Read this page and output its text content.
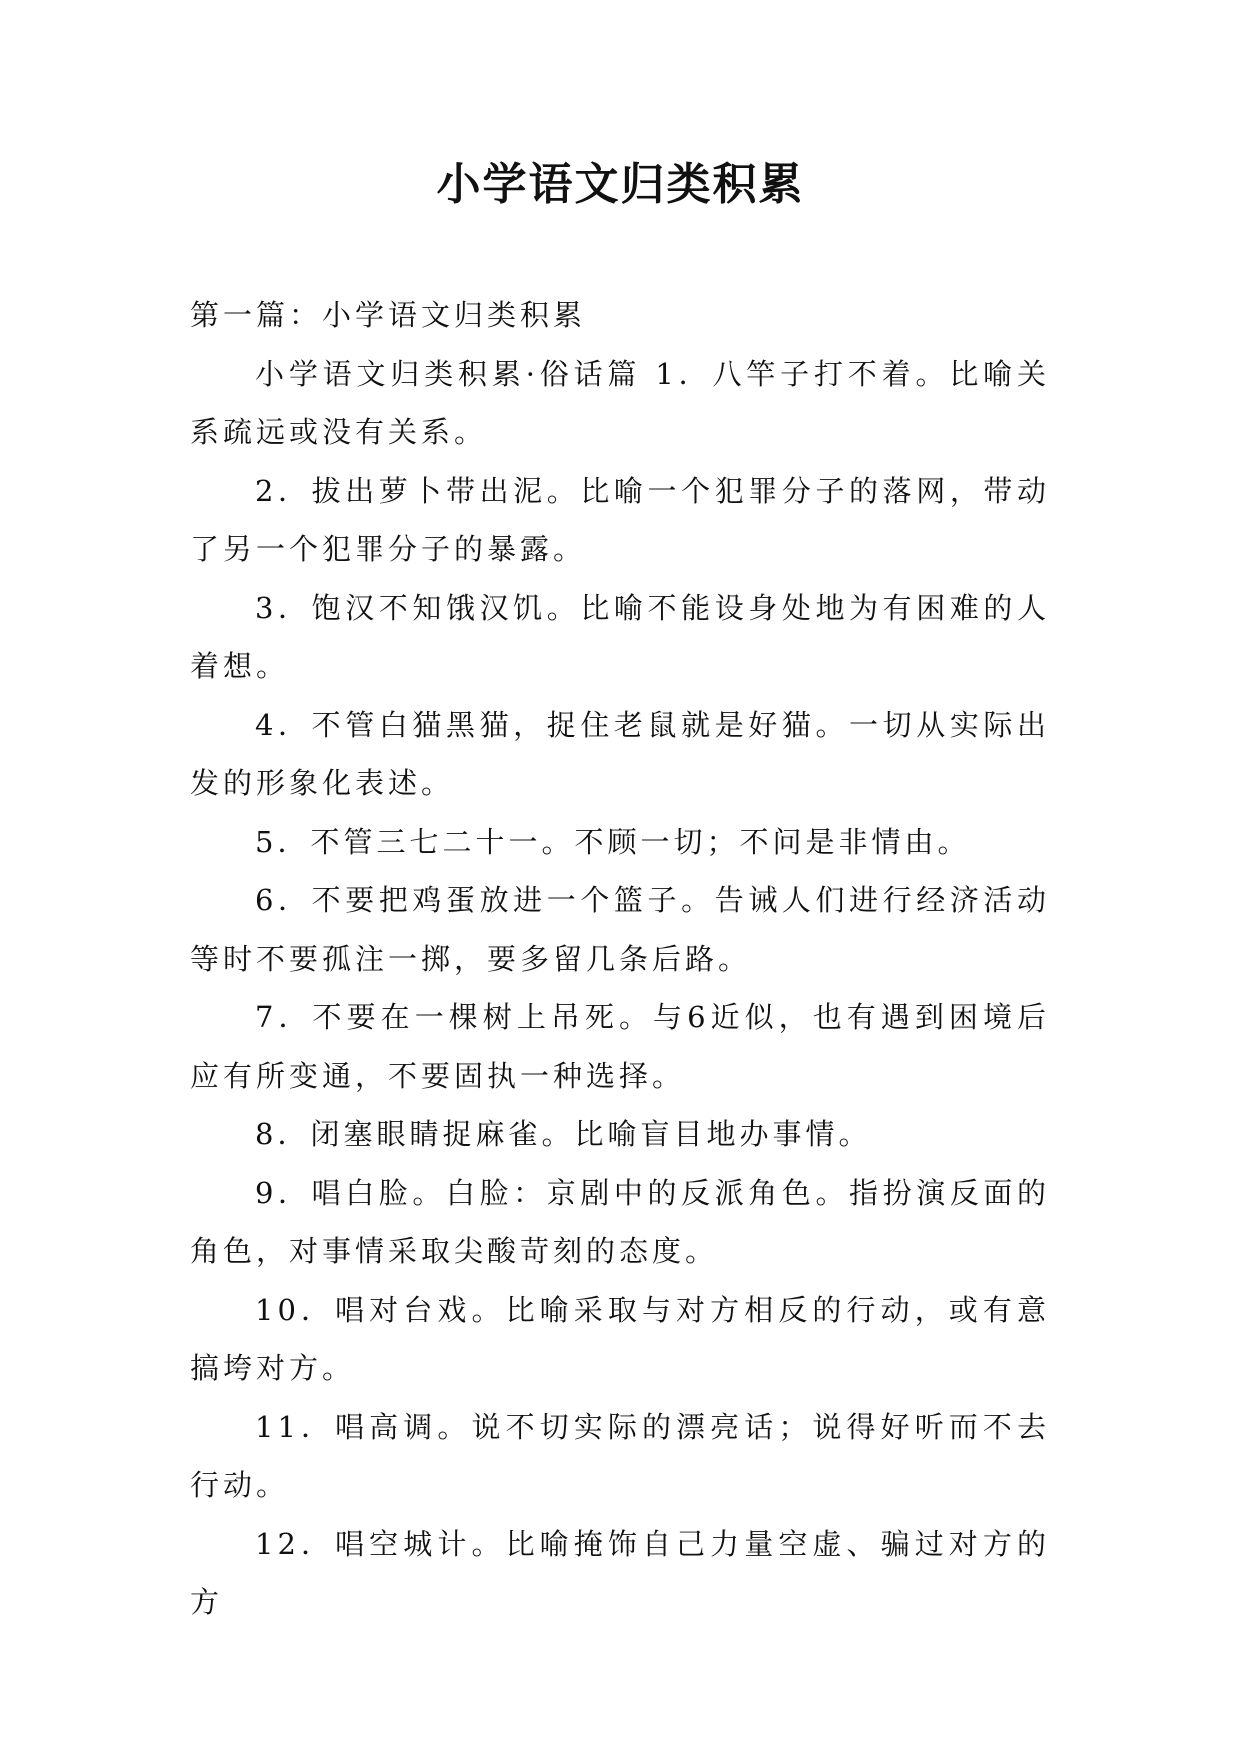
小学语文归类积累

第一篇：小学语文归类积累

小学语文归类积累·俗话篇 1．八竿子打不着。比喻关系疏远或没有关系。

2．拔出萝卜带出泥。比喻一个犯罪分子的落网，带动了另一个犯罪分子的暴露。

3．饱汉不知饿汉饥。比喻不能设身处地为有困难的人着想。

4．不管白猫黑猫，捉住老鼠就是好猫。一切从实际出发的形象化表述。

5．不管三七二十一。不顾一切；不问是非情由。

6．不要把鸡蛋放进一个篮子。告诫人们进行经济活动等时不要孤注一掷，要多留几条后路。

7．不要在一棵树上吊死。与6近似，也有遇到困境后应有所变通，不要固执一种选择。

8．闭塞眼睛捉麻雀。比喻盲目地办事情。

9．唱白脸。白脸：京剧中的反派角色。指扮演反面的角色，对事情采取尖酸苛刻的态度。

10．唱对台戏。比喻采取与对方相反的行动，或有意搞垮对方。

11．唱高调。说不切实际的漂亮话；说得好听而不去行动。

12．唱空城计。比喻掩饰自己力量空虚、骗过对方的方
